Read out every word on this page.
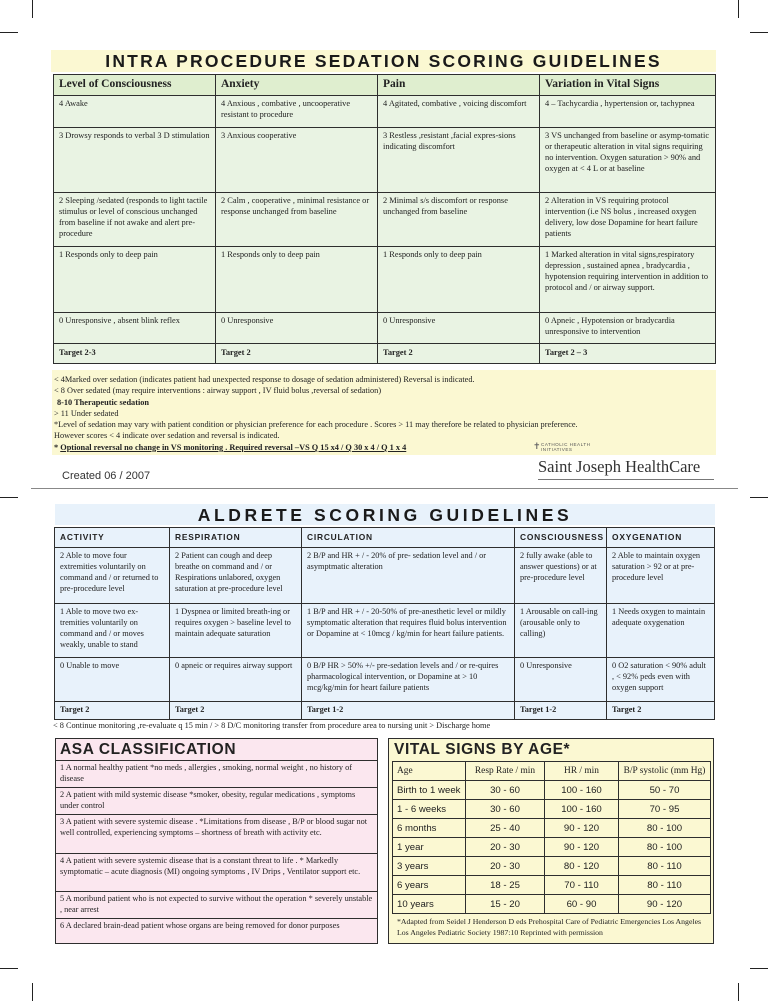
INTRA PROCEDURE SEDATION SCORING GUIDELINES
Level of Consciousness	Anxiety	Pain	Variation in Vital Signs
4 Awake	4 Anxious , combative , uncooperative resistant to procedure	4 Agitated, combative , voicing discomfort	4 – Tachycardia , hypertension or, tachypnea
3 Drowsy responds to verbal 3 D stimulation	3 Anxious cooperative	3 Restless ,resistant ,facial expres-sions indicating discomfort	3 VS unchanged from baseline or asymp-tomatic or therapeutic alteration in vital signs requiring no intervention. Oxygen saturation > 90% and oxygen at < 4 L or at baseline
2 Sleeping /sedated (responds to light tactile stimulus or level of conscious unchanged from baseline if not awake and alert pre-procedure	2 Calm , cooperative , minimal resistance or response unchanged from baseline	2 Minimal s/s discomfort or response unchanged from baseline	2 Alteration in VS requiring protocol intervention (i.e NS bolus , increased oxygen delivery, low dose Dopamine for heart failure patients
1 Responds only to deep pain	1 Responds only to deep pain	1 Responds only to deep pain	1 Marked alteration in vital signs,respiratory depression , sustained apnea , bradycardia , hypotension requiring intervention in addition to protocol and / or airway support.
0 Unresponsive , absent blink reflex	0 Unresponsive	0 Unresponsive	0 Apneic , Hypotension or bradycardia unresponsive to intervention
Target 2-3	Target 2	Target 2	Target 2 – 3
< 4Marked over sedation (indicates patient had unexpected response to dosage of sedation administered) Reversal is indicated.
< 8 Over sedated (may require interventions : airway support , IV fluid bolus ,reversal of sedation)
8-10 Therapeutic sedation
> 11 Under sedated
*Level of sedation may vary with patient condition or physician preference for each procedure . Scores > 11 may therefore be related to physician preference.
However scores < 4 indicate over sedation and reversal is indicated.
* Optional reversal no change in VS monitoring . Required reversal –VS Q 15 x4 / Q 30 x 4 / Q 1 x 4
Created 06 / 2007
✝ CATHOLIC HEALTH
INITIATIVES
Saint Joseph HealthCare
ALDRETE SCORING GUIDELINES
ACTIVITY	RESPIRATION	CIRCULATION	CONSCIOUSNESS	OXYGENATION
2 Able to move four extremities voluntarily on command and / or returned to pre-procedure level	2 Patient can cough and deep breathe on command and / or Respirations unlabored, oxygen saturation at pre-procedure level	2 B/P and HR + / - 20% of pre- sedation level and / or asymptmatic alteration	2 fully awake (able to answer questions) or at pre-procedure level	2 Able to maintain oxygen saturation > 92 or at pre-procedure level
1 Able to move two ex-tremities voluntarily on command and / or moves weakly, unable to stand	1 Dyspnea or limited breath-ing or requires oxygen > baseline level to maintain adequate saturation	1 B/P and HR + / - 20-50% of pre-anesthetic level or mildly symptomatic alteration that requires fluid bolus intervention or Dopamine at < 10mcg / kg/min for heart failure patients.	1 Arousable on call-ing (arousable only to calling)	1 Needs oxygen to maintain adequate oxygenation
0 Unable to move	0 apneic or requires airway support	0 B/P HR > 50% +/- pre-sedation levels and / or re-quires pharmacological intervention, or Dopamine at > 10 mcg/kg/min for heart failure patients	0 Unresponsive	0 O2 saturation < 90% adult , < 92% peds even with oxygen support
Target 2	Target 2	Target 1-2	Target 1-2	Target 2
< 8 Continue monitoring ,re-evaluate q 15 min / > 8 D/C monitoring transfer from procedure area to nursing unit > Discharge home
ASA CLASSIFICATION
1 A normal healthy patient *no meds , allergies , smoking, normal weight , no history of disease
2 A patient with mild systemic disease *smoker, obesity, regular medications , symptoms under control
3 A patient with severe systemic disease . *Limitations from disease , B/P or blood sugar not well controlled, experiencing symptoms – shortness of breath with activity etc.
4 A patient with severe systemic disease that is a constant threat to life . * Markedly symptomatic – acute diagnosis (MI) ongoing symptoms , IV Drips , Ventilator support etc.
5 A moribund patient who is not expected to survive without the operation * severely unstable , near arrest
6 A declared brain-dead patient whose organs are being removed for donor purposes
VITAL SIGNS BY AGE*
Age	Resp Rate / min	HR / min	B/P systolic (mm Hg)
Birth to 1 week	30 - 60	100 - 160	50 - 70
1 - 6 weeks	30 - 60	100 - 160	70 - 95
6 months	25 - 40	90 - 120	80 - 100
1 year	20 - 30	90 - 120	80 - 100
3 years	20 - 30	80 - 120	80 - 110
6 years	18 - 25	70 - 110	80 - 110
10 years	15 - 20	60 - 90	90 - 120
*Adapted from Seidel J Henderson D eds Prehospital Care of Pediatric Emergencies Los Angeles Los Angeles Pediatric Society 1987:10 Reprinted with permission
